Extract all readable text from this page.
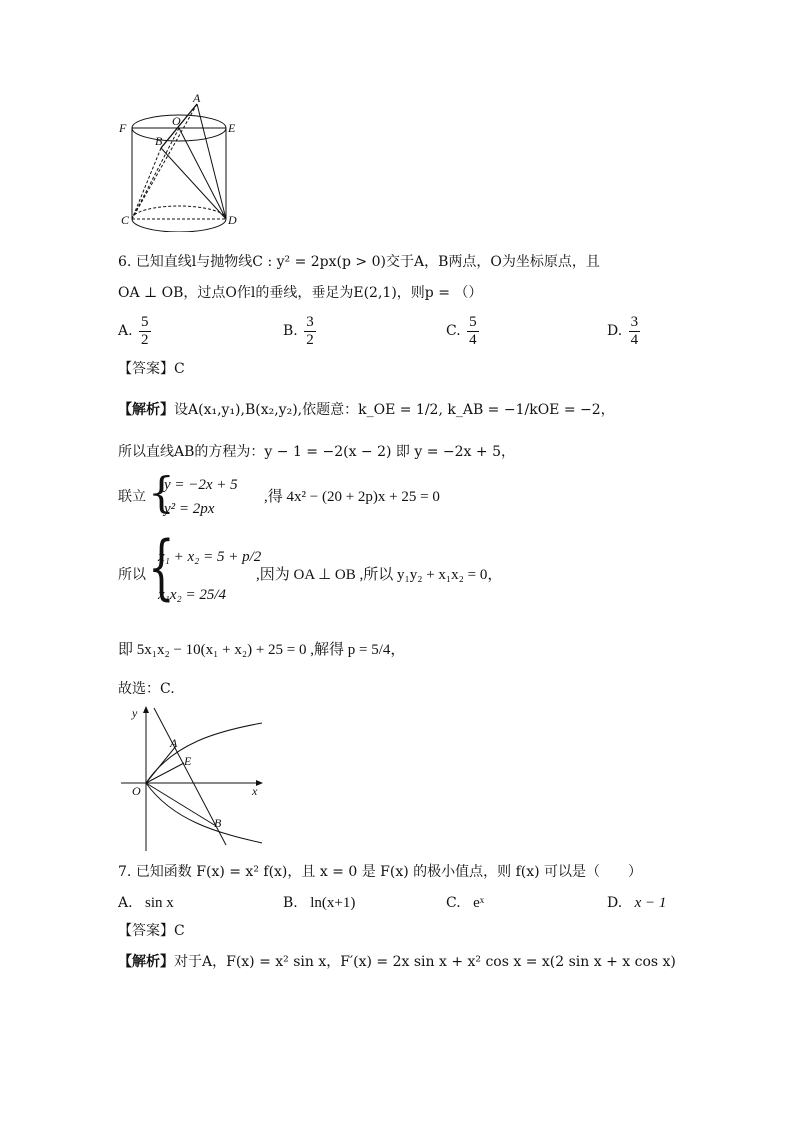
A
O
F	E
B
C	D
6. 已知直线l与抛物线C : y² = 2px(p > 0)交于A，B两点，O为坐标原点，且
OA ⊥ OB，过点O作l的垂线，垂足为E(2,1)，则p = （）
A. $\frac{5}{2}$	B. $\frac{3}{2}$	C. $\frac{5}{4}$	D. $\frac{3}{4}$
【答案】C
【解析】设A(x₁,y₁),B(x₂,y₂),依题意：k_OE = 1/2, k_AB = −1/kOE = −2，
所以直线AB的方程为：y − 1 = −2(x − 2) 即 y = −2x + 5，
联立 {
y = −2x + 5
y² = 2px
,得 4x² − (20 + 2p)x + 25 = 0
所以 {
x₁ + x₂ = 5 + p/2
x₁x₂ = 25/4
,因为 OA ⊥ OB ,所以 y₁y₂ + x₁x₂ = 0，
即 5x₁x₂ − 10(x₁ + x₂) + 25 = 0 ,解得 p = 5/4，
故选：C.
y
x
O
A
E
B
7. 已知函数 F(x) = x² f(x)，且 x = 0 是 F(x) 的极小值点，则 f(x) 可以是（　　）
A. sin x	B. ln(x+1)	C. eˣ	D. x − 1
【答案】C
【解析】对于A，F(x) = x² sin x，F′(x) = 2x sin x + x² cos x = x(2 sin x + x cos x)
